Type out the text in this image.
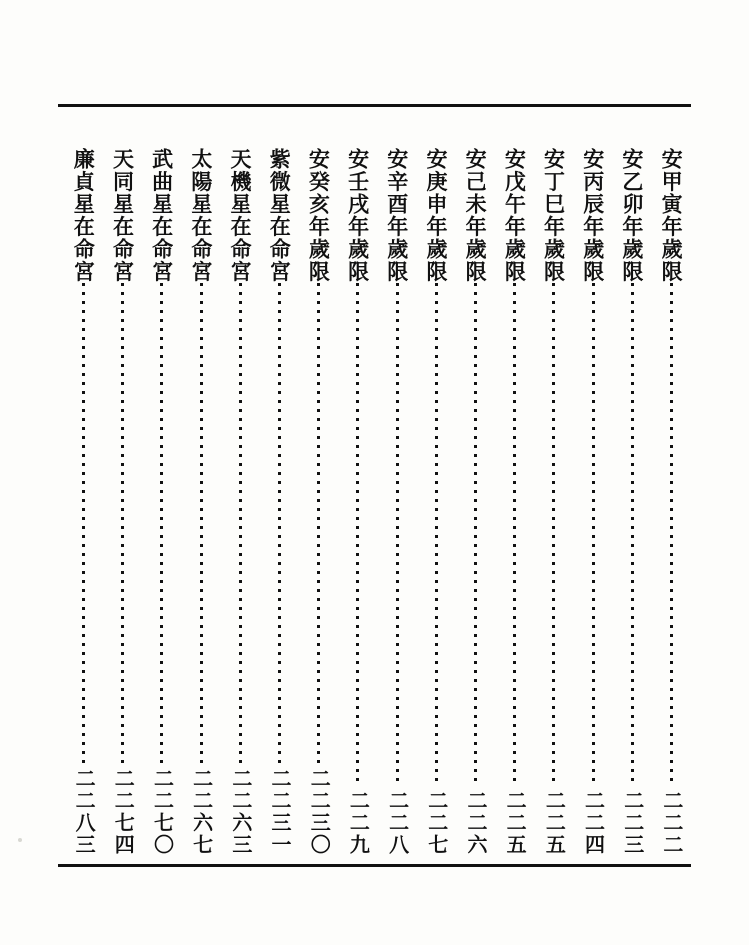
安甲寅年歲限
二二二
安乙卯年歲限
二二三
安丙辰年歲限
二二四
安丁巳年歲限
二二五
安戊午年歲限
二二五
安己未年歲限
二二六
安庚申年歲限
二二七
安辛酉年歲限
二二八
安壬戌年歲限
二二九
安癸亥年歲限
二二三〇
紫微星在命宮
二二三一
天機星在命宮
二二六三
太陽星在命宮
二二六七
武曲星在命宮
二二七〇
天同星在命宮
二二七四
廉貞星在命宮
二二八三
